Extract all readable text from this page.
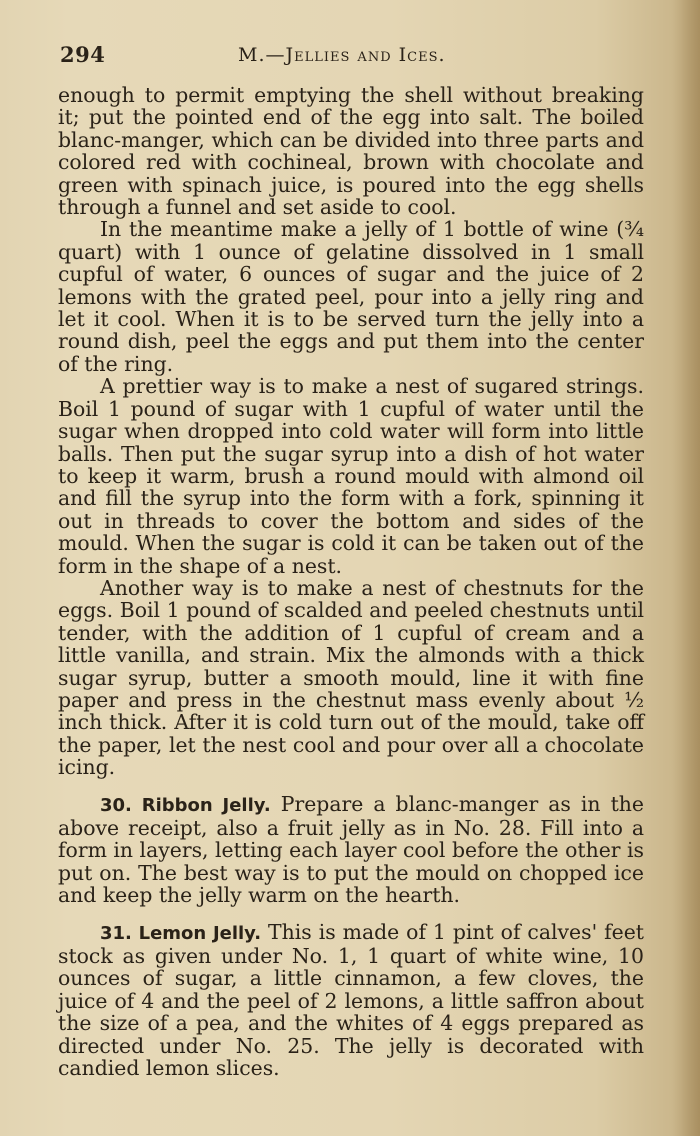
294	M.—Jellies and Ices.

enough to permit emptying the shell without breaking it; put the pointed end of the egg into salt. The boiled blanc-manger, which can be divided into three parts and colored red with cochineal, brown with chocolate and green with spinach juice, is poured into the egg shells through a funnel and set aside to cool.

In the meantime make a jelly of 1 bottle of wine (¾ quart) with 1 ounce of gelatine dissolved in 1 small cupful of water, 6 ounces of sugar and the juice of 2 lemons with the grated peel, pour into a jelly ring and let it cool. When it is to be served turn the jelly into a round dish, peel the eggs and put them into the center of the ring.

A prettier way is to make a nest of sugared strings. Boil 1 pound of sugar with 1 cupful of water until the sugar when dropped into cold water will form into little balls. Then put the sugar syrup into a dish of hot water to keep it warm, brush a round mould with almond oil and fill the syrup into the form with a fork, spinning it out in threads to cover the bottom and sides of the mould. When the sugar is cold it can be taken out of the form in the shape of a nest.

Another way is to make a nest of chestnuts for the eggs. Boil 1 pound of scalded and peeled chestnuts until tender, with the addition of 1 cupful of cream and a little vanilla, and strain. Mix the almonds with a thick sugar syrup, butter a smooth mould, line it with fine paper and press in the chestnut mass evenly about ½ inch thick. After it is cold turn out of the mould, take off the paper, let the nest cool and pour over all a chocolate icing.

30. Ribbon Jelly. Prepare a blanc-manger as in the above receipt, also a fruit jelly as in No. 28. Fill into a form in layers, letting each layer cool before the other is put on. The best way is to put the mould on chopped ice and keep the jelly warm on the hearth.

31. Lemon Jelly. This is made of 1 pint of calves' feet stock as given under No. 1, 1 quart of white wine, 10 ounces of sugar, a little cinnamon, a few cloves, the juice of 4 and the peel of 2 lemons, a little saffron about the size of a pea, and the whites of 4 eggs prepared as directed under No. 25. The jelly is decorated with candied lemon slices.
